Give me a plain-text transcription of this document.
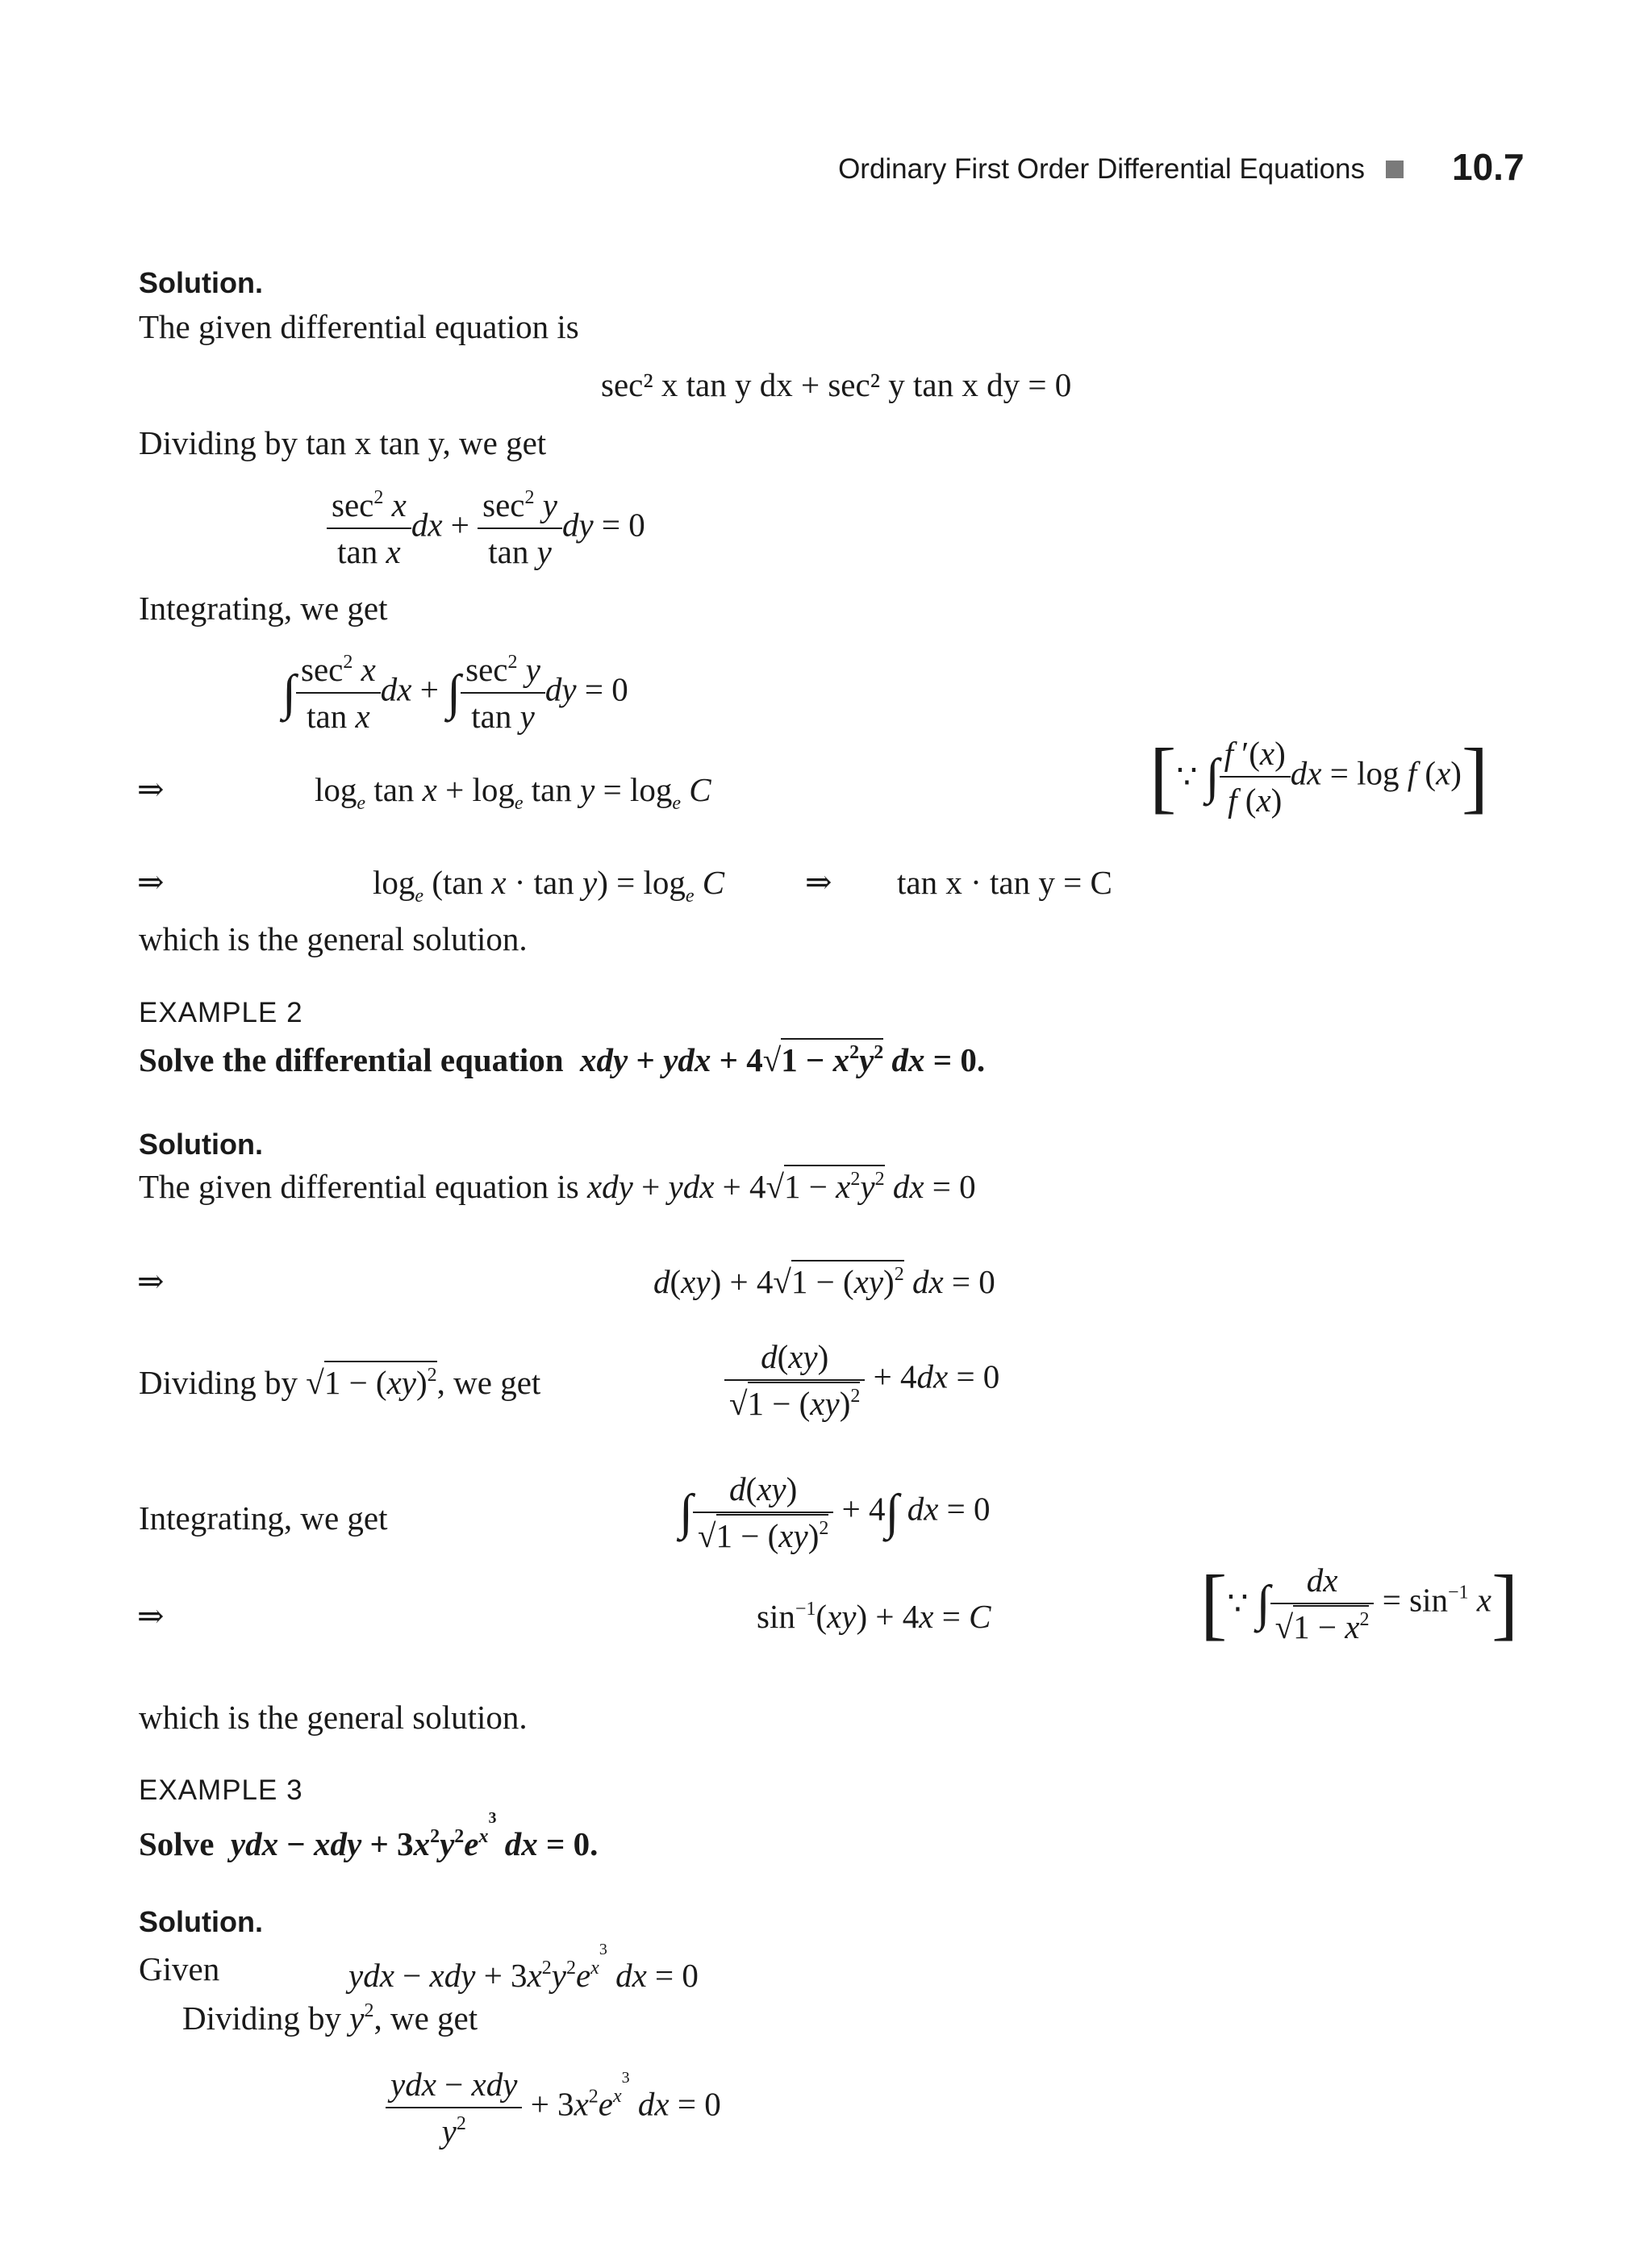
Ordinary First Order Differential Equations 10.7
Solution.
The given differential equation is
sec² x tan y dx + sec² y tan x dy = 0
Dividing by tan x tan y, we get
$\frac{\sec^2 x}{\text{tan x}}$ dx + $\frac{\sec^2 y}{\text{tan y}}$ dy = 0
Integrating, we get
∫ $\frac{\sec^2 x}{\text{tan x}}$ dx + ∫ $\frac{\sec^2 y}{\text{tan y}}$ dy = 0
⇒	$\log_e \tan x + \log_e \tan y = \log_e C$	[∵ ∫ $\frac{f '(x)}{f (x)}$ dx = log f (x)]
⇒	$\log_e (\tan$ $x \cdot \tan y) = \log_e C$ ⇒ tan x · tan y = C
which is the general solution.
EXAMPLE 2
Solve the differential equation xdy + ydx + $4√1 - x^2y^2$ dx = 0.
Solution.
The given differential equation is xdy + ydx + $4√1 - x^2y^2$ dx = 0
⇒	d(xy) + 4√1 − (xy)$^2$ dx = 0
Dividing by √1 − (xy)$^2$, we get	$\frac{d(xy)}{√1 - (xy)^2} + 4dx = 0$
Integrating, we get	∫ $\frac{d(xy)}{√1 - (xy)^2} + 4\int$ dx = 0
⇒	$\sin^{-1}(xy) + 4x = C$	[∵ ∫ $\frac{dx}{√1 - x^2} = \sin^{-1} x$]
which is the general solution.
EXAMPLE 3
Solve ydx − xdy + $3x^2y^2e^{x^3}$ dx = 0.
Solution.
Given	ydx − xdy + $3x^2y^2e^{x^3}$ dx = 0
Dividing by $y^2$, we get
$\frac{\text{ydx − xdy}}{y^2} + 3x^2e^{x^3}$ dx = 0
